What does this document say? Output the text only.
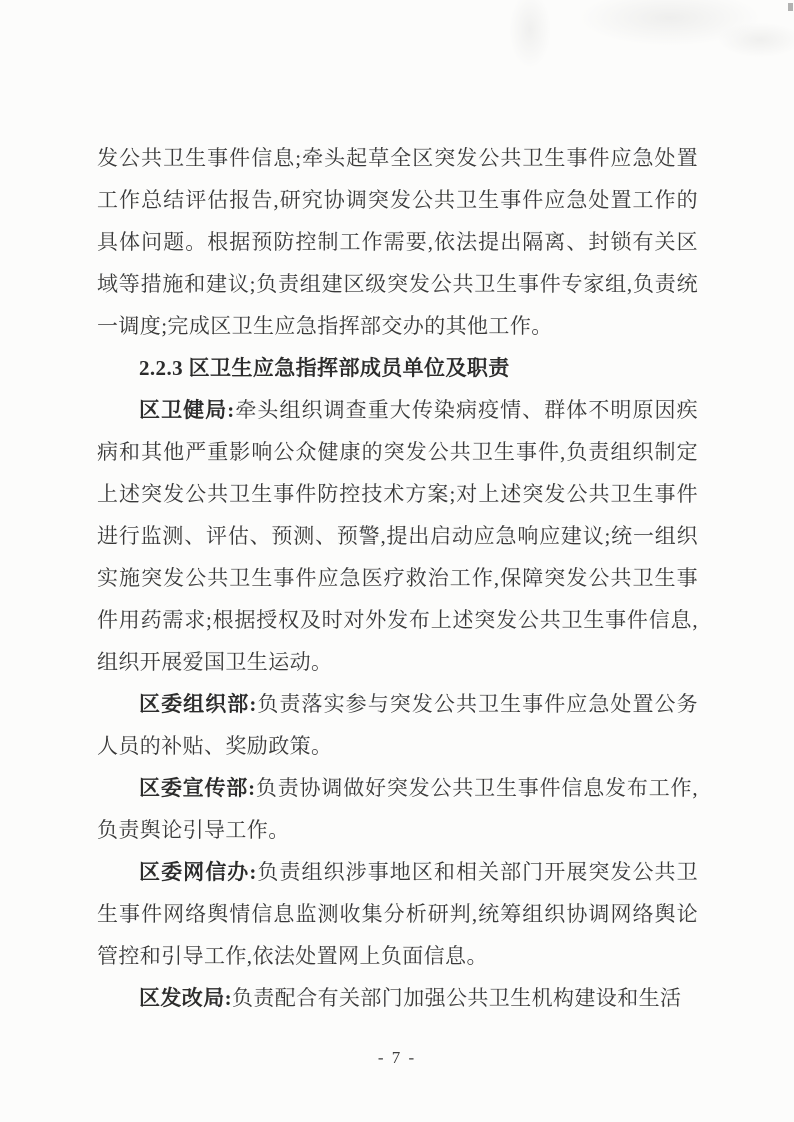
发公共卫生事件信息;牵头起草全区突发公共卫生事件应急处置工作总结评估报告,研究协调突发公共卫生事件应急处置工作的具体问题。根据预防控制工作需要,依法提出隔离、封锁有关区域等措施和建议;负责组建区级突发公共卫生事件专家组,负责统一调度;完成区卫生应急指挥部交办的其他工作。

2.2.3 区卫生应急指挥部成员单位及职责

区卫健局:牵头组织调查重大传染病疫情、群体不明原因疾病和其他严重影响公众健康的突发公共卫生事件,负责组织制定上述突发公共卫生事件防控技术方案;对上述突发公共卫生事件进行监测、评估、预测、预警,提出启动应急响应建议;统一组织实施突发公共卫生事件应急医疗救治工作,保障突发公共卫生事件用药需求;根据授权及时对外发布上述突发公共卫生事件信息,组织开展爱国卫生运动。

区委组织部:负责落实参与突发公共卫生事件应急处置公务人员的补贴、奖励政策。

区委宣传部:负责协调做好突发公共卫生事件信息发布工作,负责舆论引导工作。

区委网信办:负责组织涉事地区和相关部门开展突发公共卫生事件网络舆情信息监测收集分析研判,统筹组织协调网络舆论管控和引导工作,依法处置网上负面信息。

区发改局:负责配合有关部门加强公共卫生机构建设和生活

- 7 -
